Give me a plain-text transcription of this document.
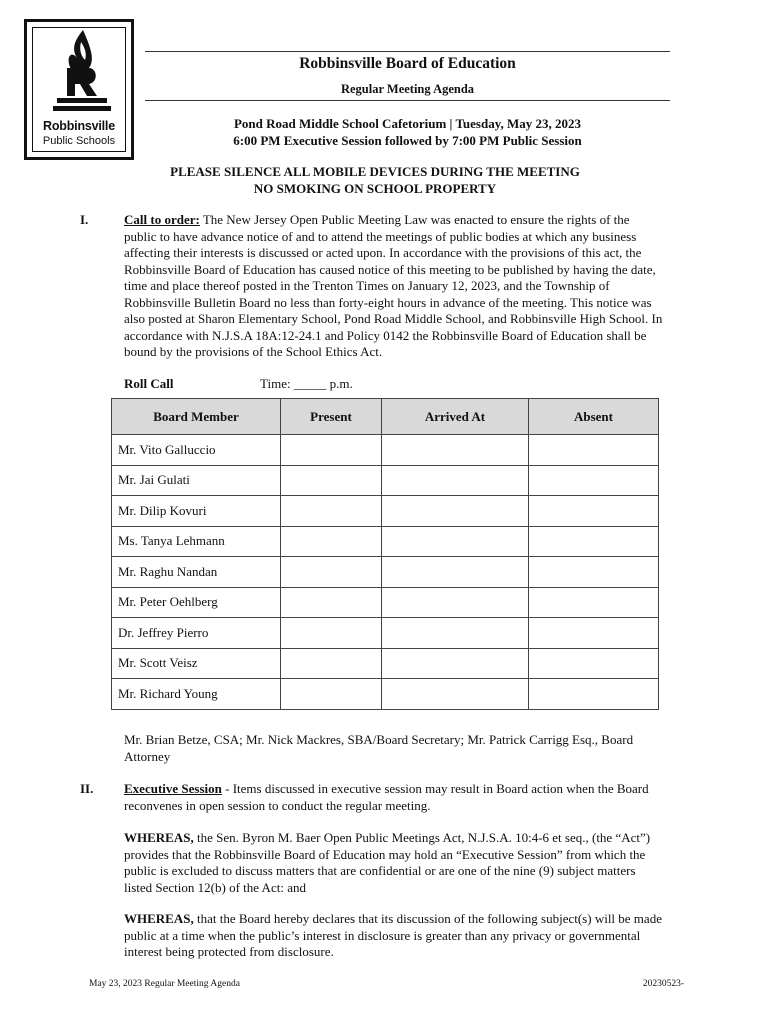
Robbinsville
Public Schools
Robbinsville Board of Education
Regular Meeting Agenda
Pond Road Middle School Cafetorium | Tuesday, May 23, 2023
6:00 PM Executive Session followed by 7:00 PM Public Session
PLEASE SILENCE ALL MOBILE DEVICES DURING THE MEETING
NO SMOKING ON SCHOOL PROPERTY
I.	Call to order: The New Jersey Open Public Meeting Law was enacted to ensure the rights of the public to have advance notice of and to attend the meetings of public bodies at which any business affecting their interests is discussed or acted upon. In accordance with the provisions of this act, the Robbinsville Board of Education has caused notice of this meeting to be published by having the date, time and place thereof posted in the Trenton Times on January 12, 2023, and the Township of Robbinsville Bulletin Board no less than forty-eight hours in advance of the meeting. This notice was also posted at Sharon Elementary School, Pond Road Middle School, and Robbinsville High School. In accordance with N.J.S.A 18A:12-24.1 and Policy 0142 the Robbinsville Board of Education shall be bound by the provisions of the School Ethics Act.
Roll Call	Time: _____ p.m.
Board Member	Present	Arrived At	Absent
Mr. Vito Galluccio			
Mr. Jai Gulati			
Mr. Dilip Kovuri			
Ms. Tanya Lehmann			
Mr. Raghu Nandan			
Mr. Peter Oehlberg			
Dr. Jeffrey Pierro			
Mr. Scott Veisz			
Mr. Richard Young			
Mr. Brian Betze, CSA; Mr. Nick Mackres, SBA/Board Secretary; Mr. Patrick Carrigg Esq., Board Attorney
II. Executive Session - Items discussed in executive session may result in Board action when the Board reconvenes in open session to conduct the regular meeting.
WHEREAS, the Sen. Byron M. Baer Open Public Meetings Act, N.J.S.A. 10:4-6 et seq., (the “Act”) provides that the Robbinsville Board of Education may hold an “Executive Session” from which the public is excluded to discuss matters that are confidential or are one of the nine (9) subject matters listed Section 12(b) of the Act: and
WHEREAS, that the Board hereby declares that its discussion of the following subject(s) will be made public at a time when the public’s interest in disclosure is greater than any privacy or governmental interest being protected from disclosure.
May 23, 2023 Regular Meeting Agenda	20230523-
